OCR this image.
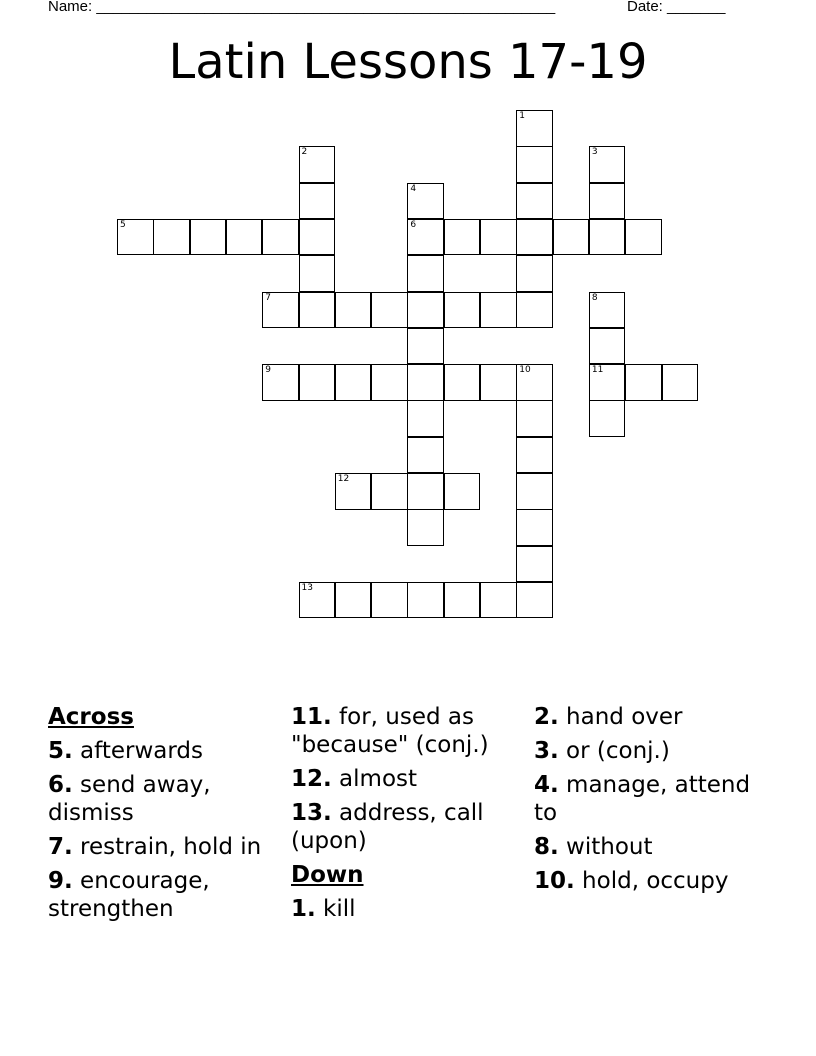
Name: _______________________________________________________

	Date: _______

Latin Lessons 17-19
1
2	3
4
5	6
7	8
9	10	11
12
13
Across
5. afterwards
6. send away, dismiss
7. restrain, hold in
9. encourage, strengthen
11. for, used as "because" (conj.)
12. almost
13. address, call (upon)
Down
1. kill
2. hand over
3. or (conj.)
4. manage, attend to
8. without
10. hold, occupy
